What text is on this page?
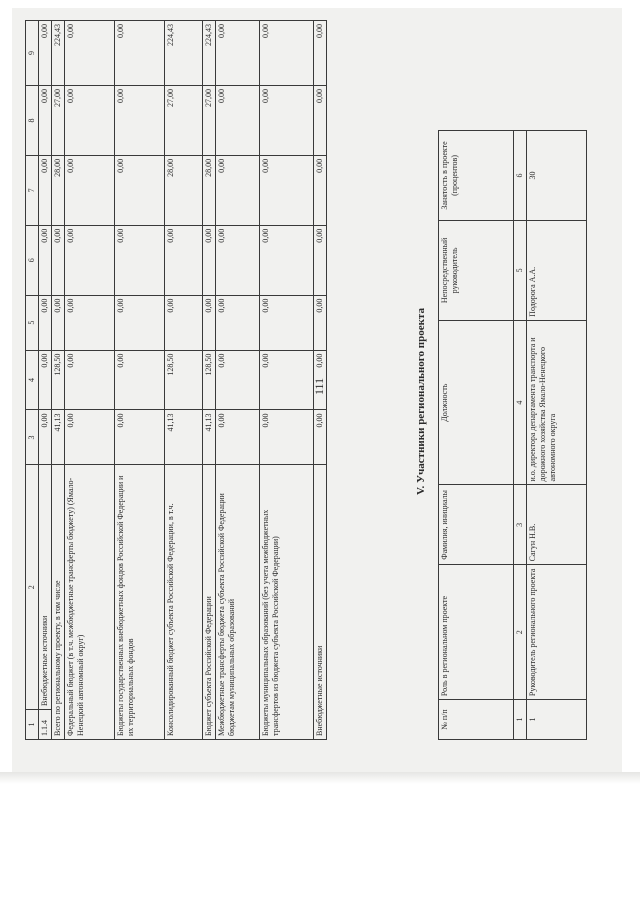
111
1	2	3	4	5	6	7	8	9
1.1.4	Внебюджетные источники	0,00	0,00	0,00	0,00	0,00	0,00	0,00
Всего по региональному проекту, в том числе		41,13	128,50	0,00	0,00	28,00	27,00	224,43
Федеральный бюджет (в т.ч. межбюджетные трансферты бюджету) (Ямало-Ненецкий автономный округ)		0,00	0,00	0,00	0,00	0,00	0,00	0,00
Бюджеты государственных внебюджетных фондов Российской Федерации и их территориальных фондов		0,00	0,00	0,00	0,00	0,00	0,00	0,00
Консолидированный бюджет субъекта Российской Федерации, в т.ч.		41,13	128,50	0,00	0,00	28,00	27,00	224,43
Бюджет субъекта Российской Федерации		41,13	128,50	0,00	0,00	28,00	27,00	224,43
Межбюджетные трансферты бюджета субъекта Российской Федерации бюджетам муниципальных образований		0,00	0,00	0,00	0,00	0,00	0,00	0,00
Бюджеты муниципальных образований (без учета межбюджетных трансфертов из бюджета субъекта Российской Федерации)		0,00	0,00	0,00	0,00	0,00	0,00	0,00
Внебюджетные источники		0,00	0,00	0,00	0,00	0,00	0,00	0,00
V. Участники регионального проекта
№ п/п	Роль в региональном проекте	Фамилия, инициалы	Должность	Непосредственный руководитель	Занятость в проекте (процентов)
1	2	3	4	5	6
1	Руководитель регионального проекта	Сагун Н.В.	и.о. директора департамента транспорта и дорожного хозяйства Ямало-Ненецкого автономного округа	Подорога А.А.	30
